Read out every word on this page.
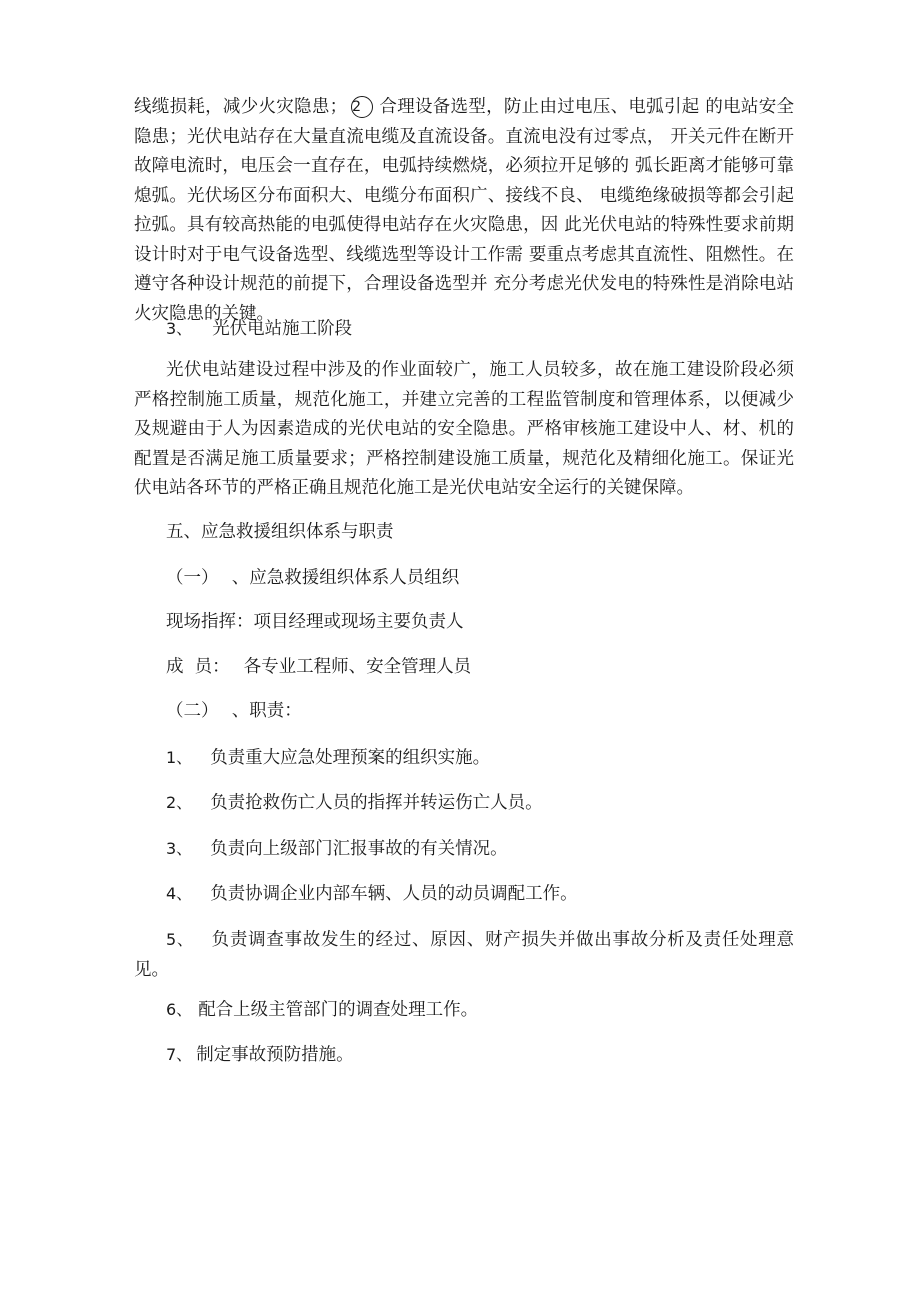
线缆损耗，减少火灾隐患； 2 合理设备选型，防止由过电压、电弧引起 的电站安全隐患；光伏电站存在大量直流电缆及直流设备。直流电没有过零点， 开关元件在断开故障电流时，电压会一直存在，电弧持续燃烧，必须拉开足够的 弧长距离才能够可靠熄弧。光伏场区分布面积大、电缆分布面积广、接线不良、 电缆绝缘破损等都会引起拉弧。具有较高热能的电弧使得电站存在火灾隐患，因 此光伏电站的特殊性要求前期设计时对于电气设备选型、线缆选型等设计工作需 要重点考虑其直流性、阻燃性。在遵守各种设计规范的前提下，合理设备选型并 充分考虑光伏发电的特殊性是消除电站火灾隐患的关键。

3、 光伏电站施工阶段

光伏电站建设过程中涉及的作业面较广，施工人员较多，故在施工建设阶段必须严格控制施工质量，规范化施工，并建立完善的工程监管制度和管理体系，以便减少及规避由于人为因素造成的光伏电站的安全隐患。严格审核施工建设中人、材、机的配置是否满足施工质量要求；严格控制建设施工质量，规范化及精细化施工。保证光伏电站各环节的严格正确且规范化施工是光伏电站安全运行的关键保障。

五、应急救援组织体系与职责
（一） 、应急救援组织体系人员组织
现场指挥：项目经理或现场主要负责人
成  员： 各专业工程师、安全管理人员
（二） 、职责：
1、 负责重大应急处理预案的组织实施。
2、 负责抢救伤亡人员的指挥并转运伤亡人员。
3、 负责向上级部门汇报事故的有关情况。
4、 负责协调企业内部车辆、人员的动员调配工作。

5、 负责调查事故发生的经过、原因、财产损失并做出事故分析及责任处理意见。

6、 配合上级主管部门的调查处理工作。
7、 制定事故预防措施。
